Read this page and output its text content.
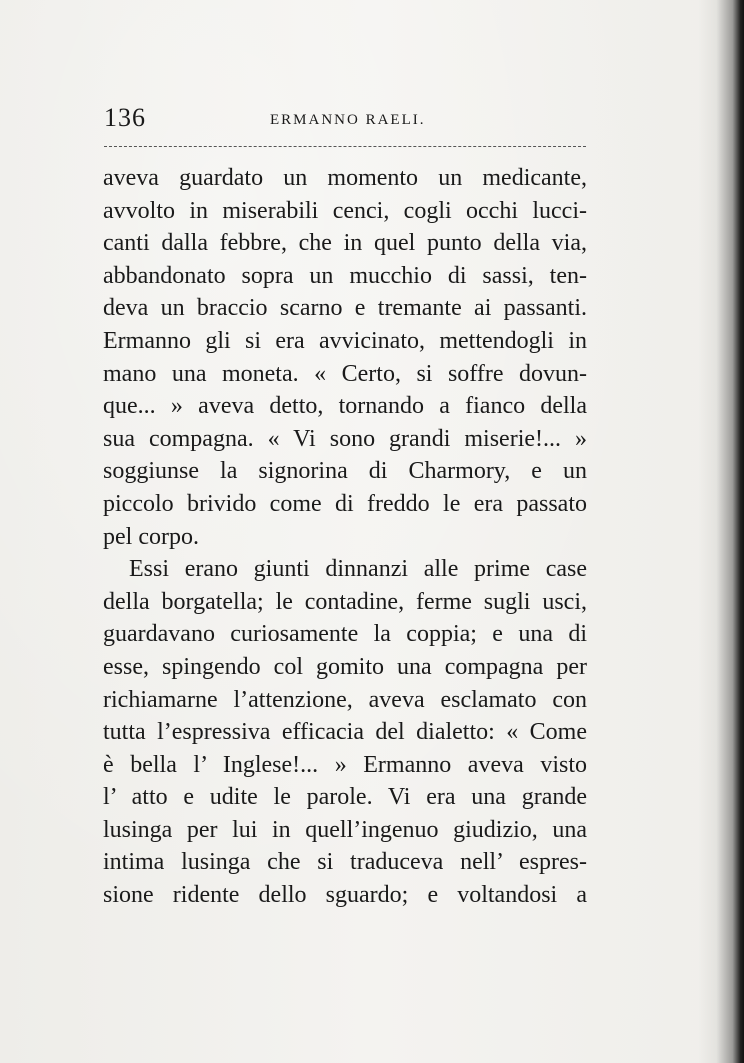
136	ERMANNO RAELI.
aveva guardato un momento un medicante,
avvolto in miserabili cenci, cogli occhi lucci-
canti dalla febbre, che in quel punto della via,
abbandonato sopra un mucchio di sassi, ten-
deva un braccio scarno e tremante ai passanti.
Ermanno gli si era avvicinato, mettendogli in
mano una moneta. « Certo, si soffre dovun-
que... » aveva detto, tornando a fianco della
sua compagna. « Vi sono grandi miserie!... »
soggiunse la signorina di Charmory, e un
piccolo brivido come di freddo le era passato
pel corpo.
Essi erano giunti dinnanzi alle prime case
della borgatella; le contadine, ferme sugli usci,
guardavano curiosamente la coppia; e una di
esse, spingendo col gomito una compagna per
richiamarne l’attenzione, aveva esclamato con
tutta l’espressiva efficacia del dialetto: « Come
è bella l’ Inglese!... » Ermanno aveva visto
l’ atto e udite le parole. Vi era una grande
lusinga per lui in quell’ingenuo giudizio, una
intima lusinga che si traduceva nell’ espres-
sione ridente dello sguardo; e voltandosi a
